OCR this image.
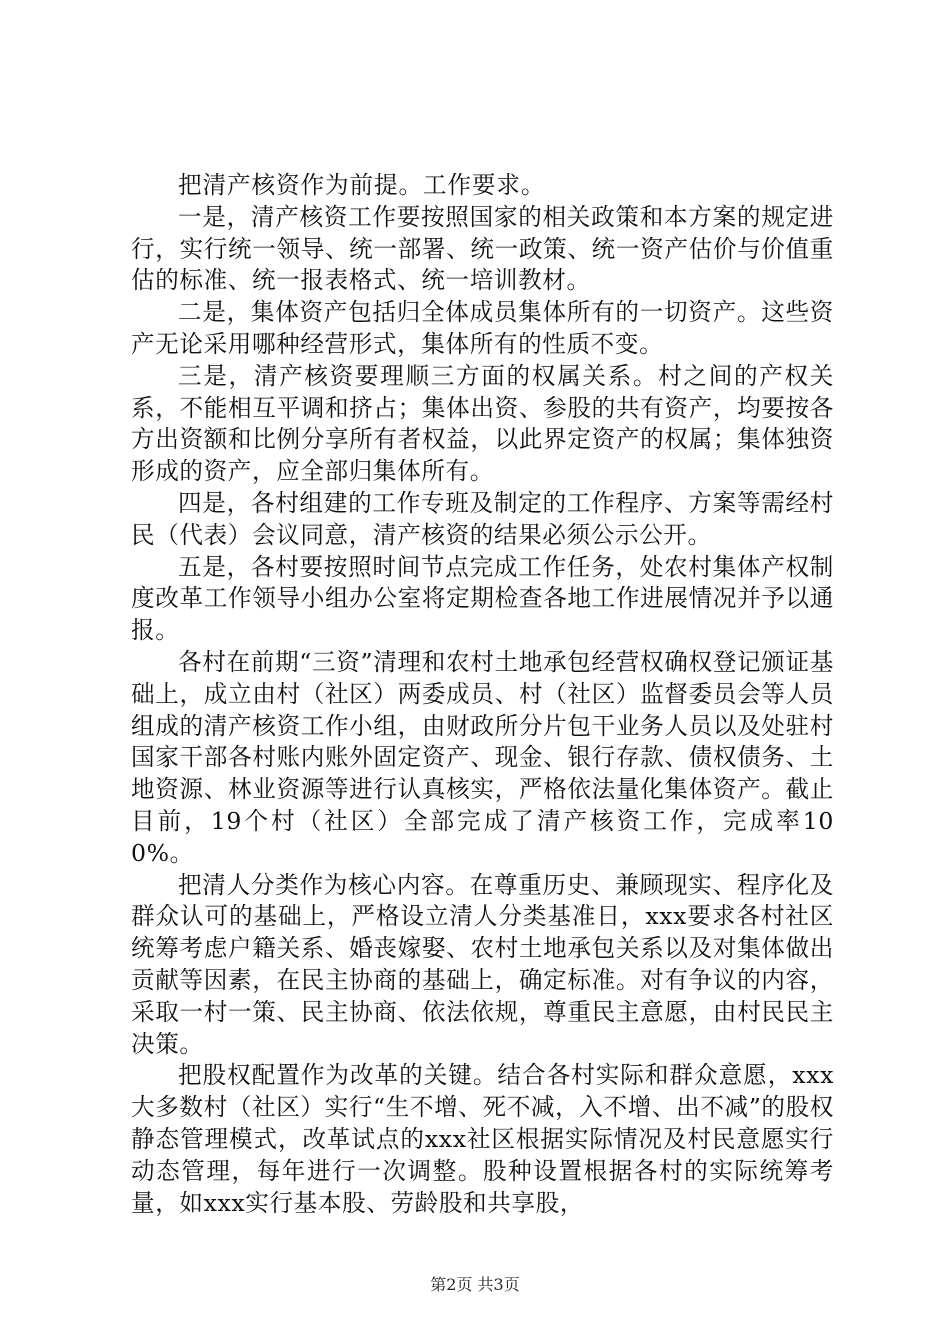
把清产核资作为前提。工作要求。

一是，清产核资工作要按照国家的相关政策和本方案的规定进行，实行统一领导、统一部署、统一政策、统一资产估价与价值重估的标准、统一报表格式、统一培训教材。

二是，集体资产包括归全体成员集体所有的一切资产。这些资产无论采用哪种经营形式，集体所有的性质不变。

三是，清产核资要理顺三方面的权属关系。村之间的产权关系，不能相互平调和挤占；集体出资、参股的共有资产，均要按各方出资额和比例分享所有者权益，以此界定资产的权属；集体独资形成的资产，应全部归集体所有。

四是，各村组建的工作专班及制定的工作程序、方案等需经村民（代表）会议同意，清产核资的结果必须公示公开。

五是，各村要按照时间节点完成工作任务，处农村集体产权制度改革工作领导小组办公室将定期检查各地工作进展情况并予以通报。

各村在前期“三资”清理和农村土地承包经营权确权登记颁证基础上，成立由村（社区）两委成员、村（社区）监督委员会等人员组成的清产核资工作小组，由财政所分片包干业务人员以及处驻村国家干部各村账内账外固定资产、现金、银行存款、债权债务、土地资源、林业资源等进行认真核实，严格依法量化集体资产。截止目前，19个村（社区）全部完成了清产核资工作，完成率100%。

把清人分类作为核心内容。在尊重历史、兼顾现实、程序化及群众认可的基础上，严格设立清人分类基准日，xxx要求各村社区统筹考虑户籍关系、婚丧嫁娶、农村土地承包关系以及对集体做出贡献等因素，在民主协商的基础上，确定标准。对有争议的内容，采取一村一策、民主协商、依法依规，尊重民主意愿，由村民民主决策。

把股权配置作为改革的关键。结合各村实际和群众意愿，xxx大多数村（社区）实行“生不增、死不减，入不增、出不减”的股权静态管理模式，改革试点的xxx社区根据实际情况及村民意愿实行动态管理，每年进行一次调整。股种设置根据各村的实际统筹考量，如xxx实行基本股、劳龄股和共享股，

第2页 共3页
